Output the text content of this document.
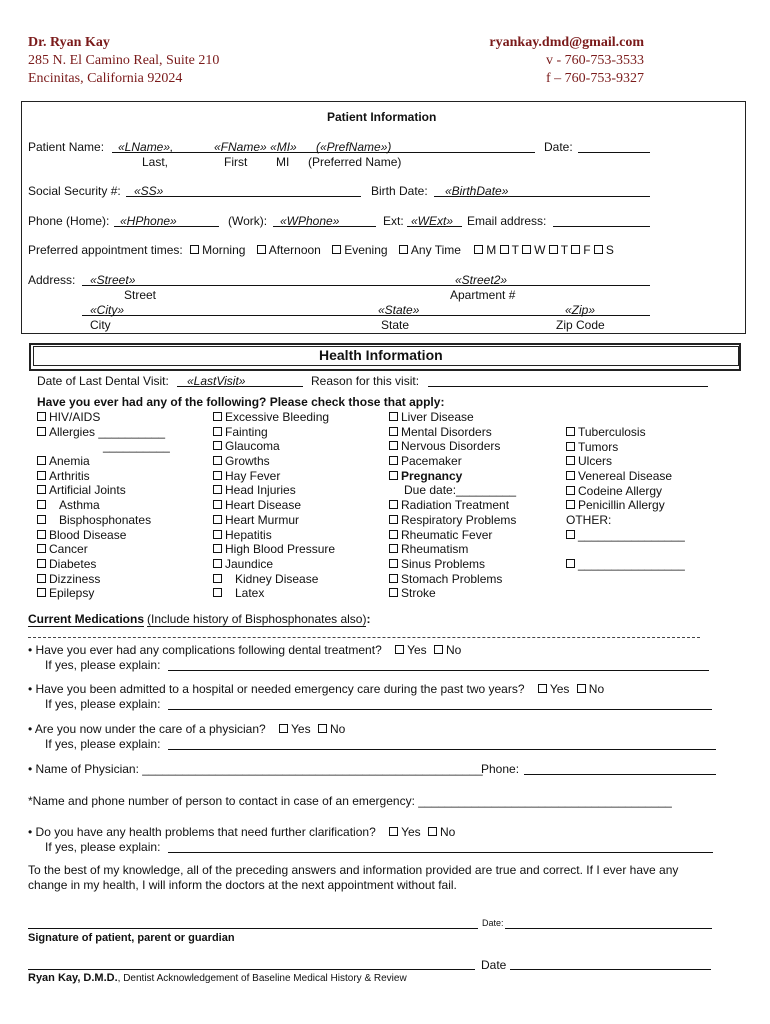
Dr. Ryan Kay
285 N. El Camino Real, Suite 210
Encinitas, California 92024
ryankay.dmd@gmail.com
v - 760-753-3533
f – 760-753-9327
Patient Information
Patient Name: «LName»,	«FName» «MI» («PrefName»)	Date:
Last,	First MI (Preferred Name)
Social Security #: «SS»	Birth Date: «BirthDate»
Phone (Home): «HPhone»	(Work): «WPhone»	Ext: «WExt» Email address:
Preferred appointment times: Morning Afternoon Evening Any Time M T W T F S
Address: «Street»	«Street2»
Street	Apartment #
«City»	«State»	«Zip»
City	State	Zip Code
Health Information
Date of Last Dental Visit: «LastVisit»	Reason for this visit:
Have you ever had any of the following? Please check those that apply:
HIV/AIDS
Allergies __________
__________
Anemia
Arthritis
Artificial Joints
Asthma
Bisphosphonates
Blood Disease
Cancer
Diabetes
Dizziness
Epilepsy
Excessive Bleeding
Fainting
Glaucoma
Growths
Hay Fever
Head Injuries
Heart Disease
Heart Murmur
Hepatitis
High Blood Pressure
Jaundice
Kidney Disease
Latex
Liver Disease
Mental Disorders
Nervous Disorders
Pacemaker
Pregnancy
Due date:_________
Radiation Treatment
Respiratory Problems
Rheumatic Fever
Rheumatism
Sinus Problems
Stomach Problems
Stroke
Tuberculosis
Tumors
Ulcers
Venereal Disease
Codeine Allergy
Penicillin Allergy
OTHER:
________________
________________
Current Medications (Include history of Bisphosphonates also):
• Have you ever had any complications following dental treatment? Yes No
If yes, please explain:
• Have you been admitted to a hospital or needed emergency care during the past two years? Yes No
If yes, please explain:
• Are you now under the care of a physician? Yes No
If yes, please explain:
• Name of Physician: ___________________________________________________
Phone:
*Name and phone number of person to contact in case of an emergency: ______________________________________
• Do you have any health problems that need further clarification? Yes No
If yes, please explain:
To the best of my knowledge, all of the preceding answers and information provided are true and correct. If I ever have any
change in my health, I will inform the doctors at the next appointment without fail.
Date:
Signature of patient, parent or guardian
Date
Ryan Kay, D.M.D., Dentist Acknowledgement of Baseline Medical History & Review
